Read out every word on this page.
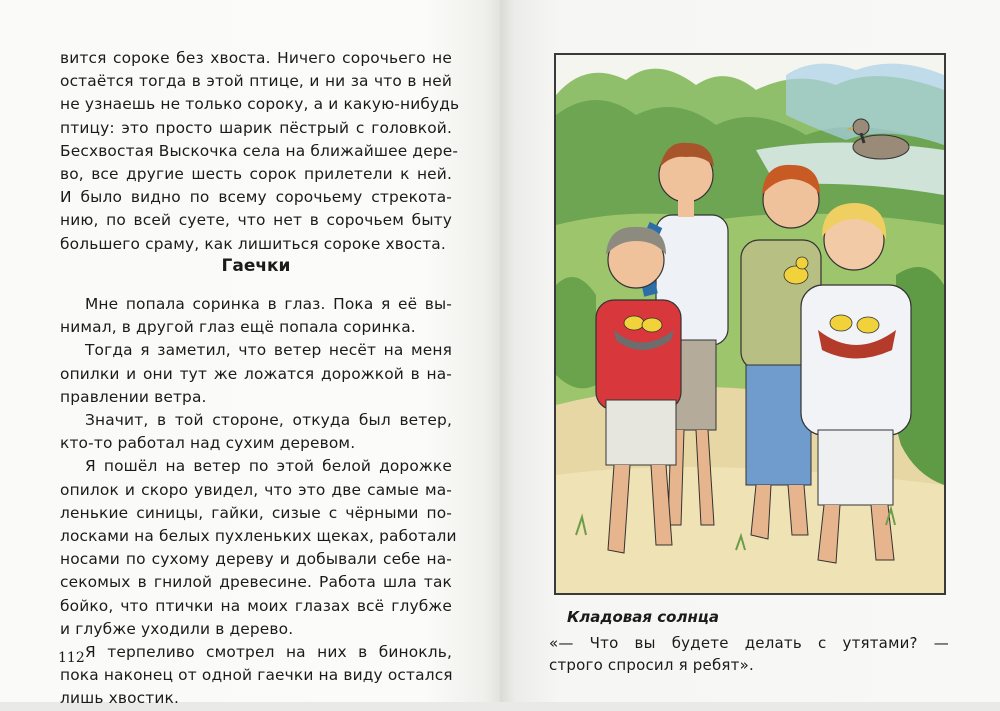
вится сороке без хвоста. Ничего сорочьего не
остаётся тогда в этой птице, и ни за что в ней
не узнаешь не только сороку, а и какую-нибудь
птицу: это просто шарик пёстрый с головкой.
Бесхвостая Выскочка села на ближайшее дере-
во, все другие шесть сорок прилетели к ней.
И было видно по всему сорочьему стрекота-
нию, по всей суете, что нет в сорочьем быту
большего сраму, как лишиться сороке хвоста.
Гаечки
Мне попала соринка в глаз. Пока я её вы-
нимал, в другой глаз ещё попала соринка.
Тогда я заметил, что ветер несёт на меня
опилки и они тут же ложатся дорожкой в на-
правлении ветра.
Значит, в той стороне, откуда был ветер,
кто-то работал над сухим деревом.
Я пошёл на ветер по этой белой дорожке
опилок и скоро увидел, что это две самые ма-
ленькие синицы, гайки, сизые с чёрными по-
лосками на белых пухленьких щеках, работали
носами по сухому дереву и добывали себе на-
секомых в гнилой древесине. Работа шла так
бойко, что птички на моих глазах всё глубже
и глубже уходили в дерево.
Я терпеливо смотрел на них в бинокль,
пока наконец от одной гаечки на виду остался
лишь хвостик.
112
Кладовая солнца
«— Что вы будете делать с утятами? —
строго спросил я ребят».
